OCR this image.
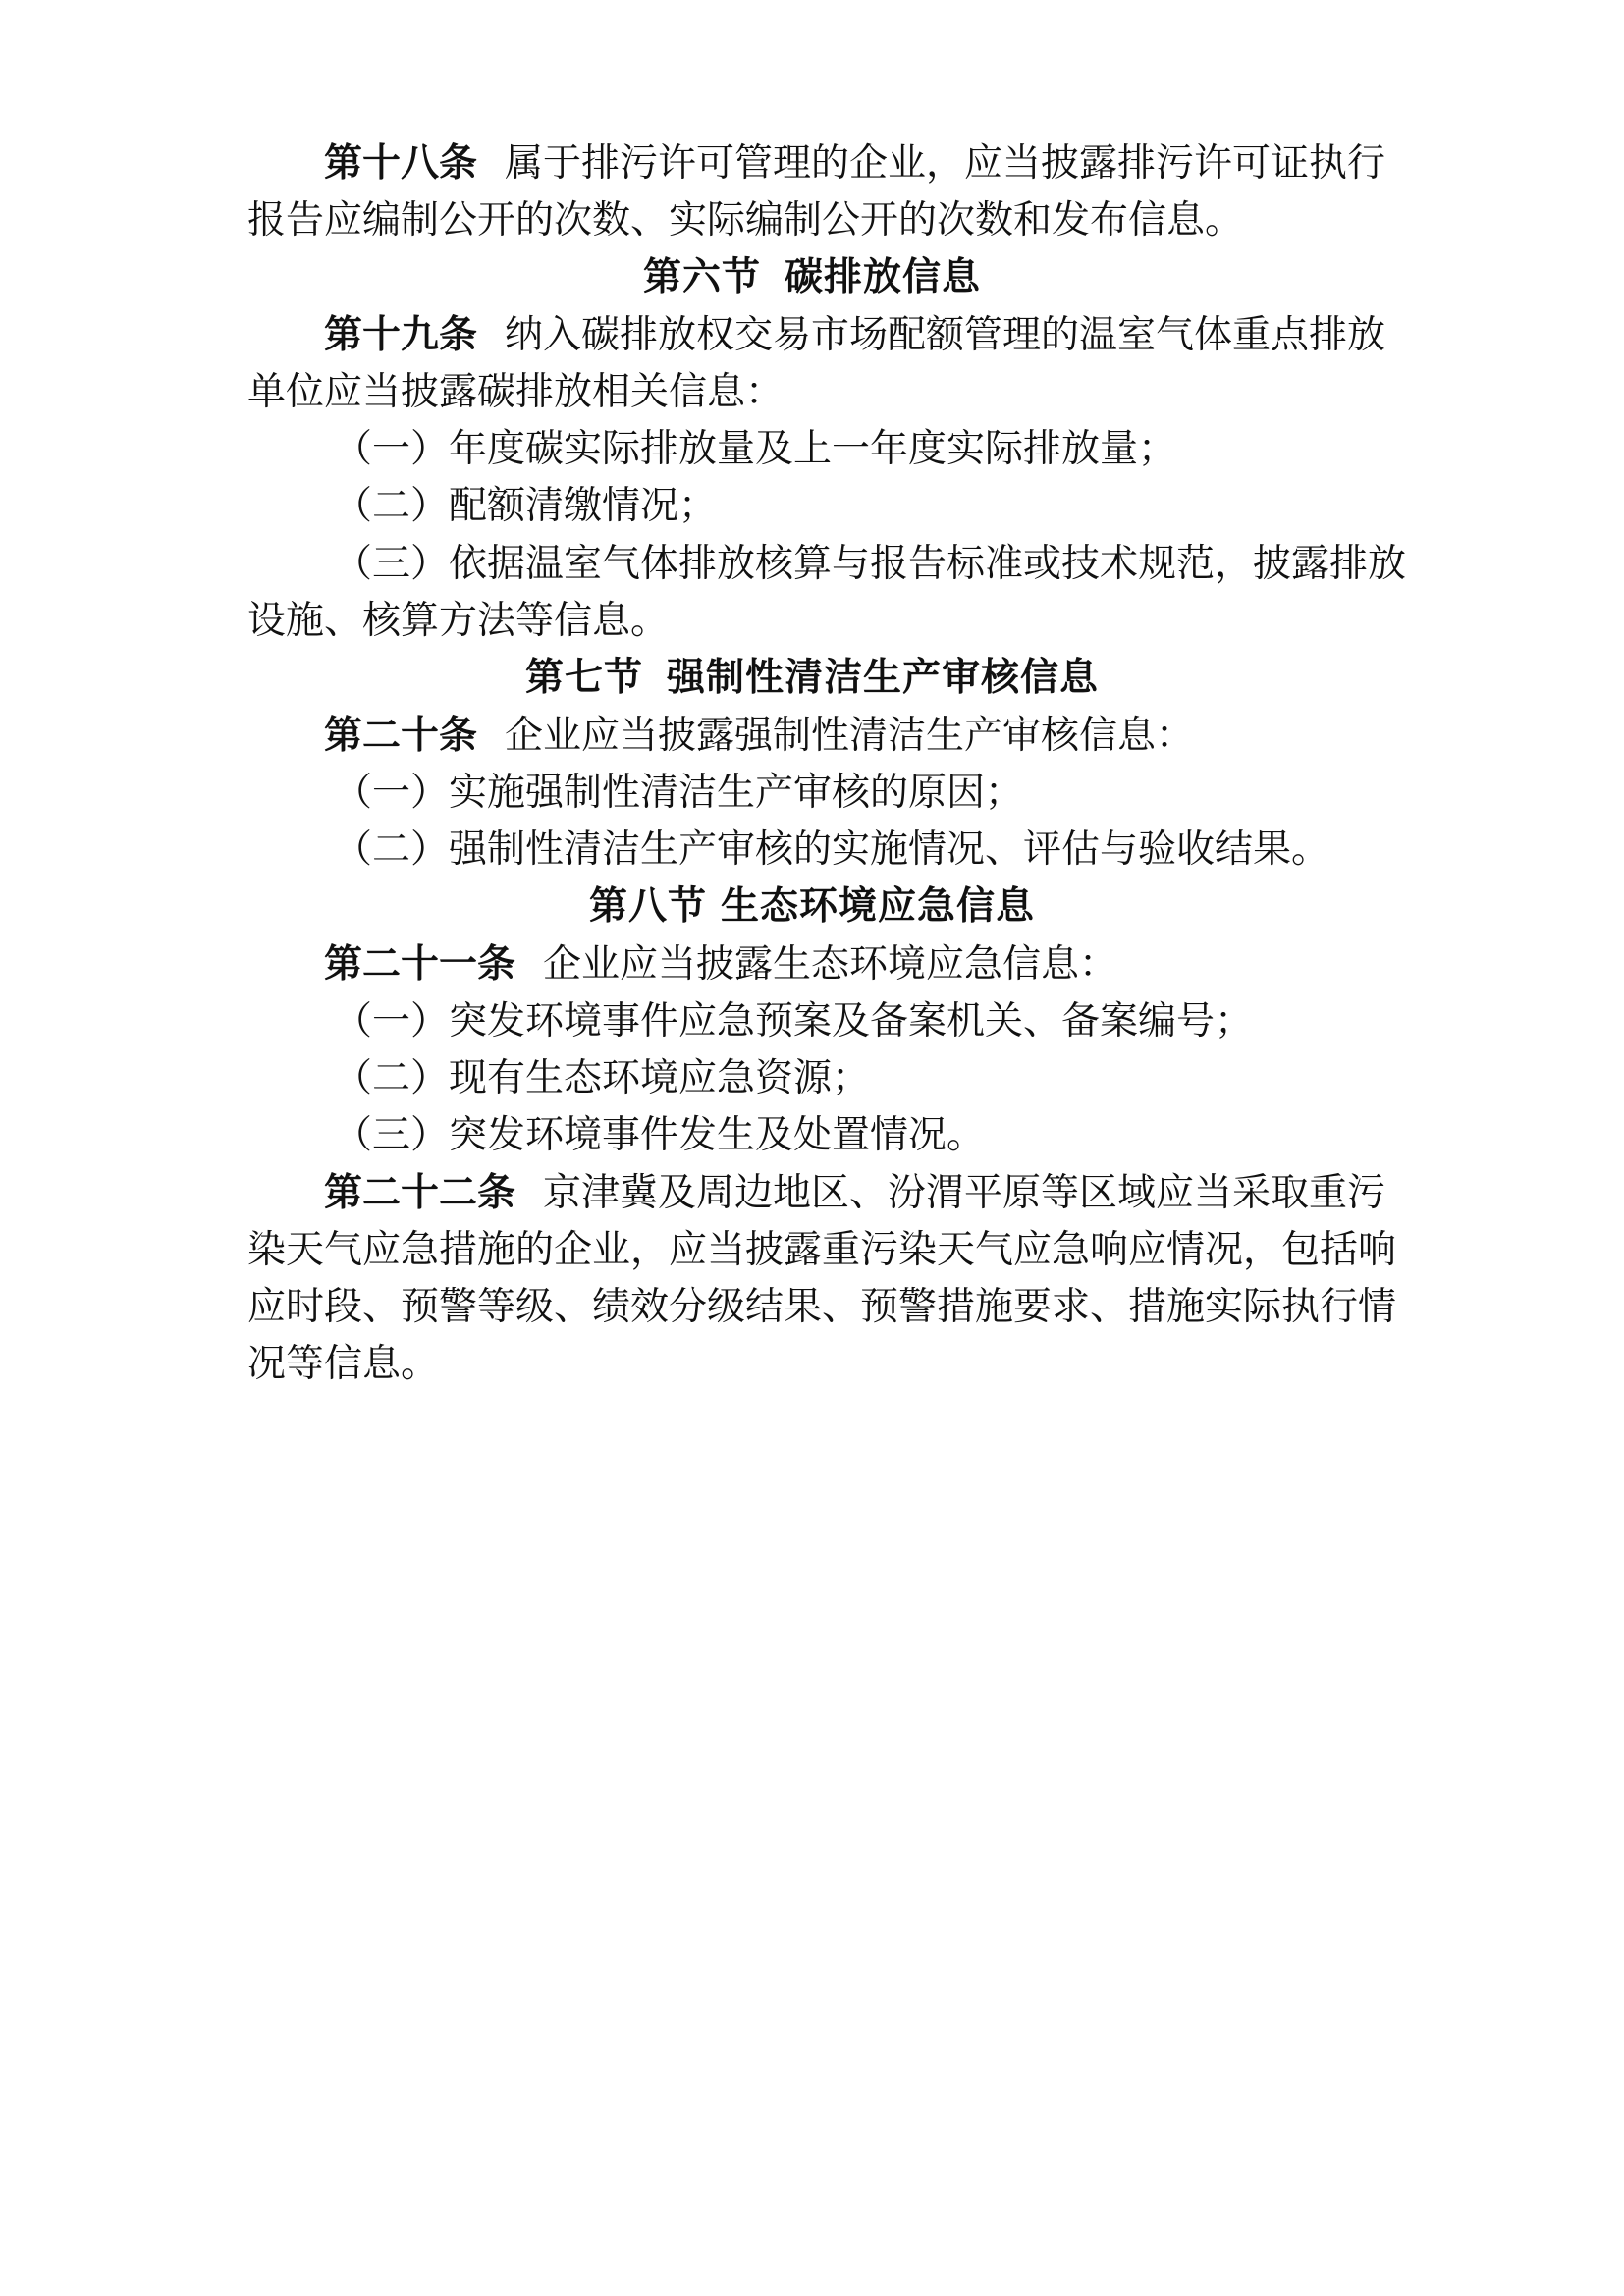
第十八条 属于排污许可管理的企业，应当披露排污许可证执行
报告应编制公开的次数、实际编制公开的次数和发布信息。
第六节 碳排放信息
第十九条 纳入碳排放权交易市场配额管理的温室气体重点排放
单位应当披露碳排放相关信息：
（一）年度碳实际排放量及上一年度实际排放量；
（二）配额清缴情况；
（三）依据温室气体排放核算与报告标准或技术规范，披露排放
设施、核算方法等信息。
第七节 强制性清洁生产审核信息
第二十条 企业应当披露强制性清洁生产审核信息：
（一）实施强制性清洁生产审核的原因；
（二）强制性清洁生产审核的实施情况、评估与验收结果。
第八节 生态环境应急信息
第二十一条 企业应当披露生态环境应急信息：
（一）突发环境事件应急预案及备案机关、备案编号；
（二）现有生态环境应急资源；
（三）突发环境事件发生及处置情况。
第二十二条 京津冀及周边地区、汾渭平原等区域应当采取重污
染天气应急措施的企业，应当披露重污染天气应急响应情况，包括响
应时段、预警等级、绩效分级结果、预警措施要求、措施实际执行情
况等信息。
